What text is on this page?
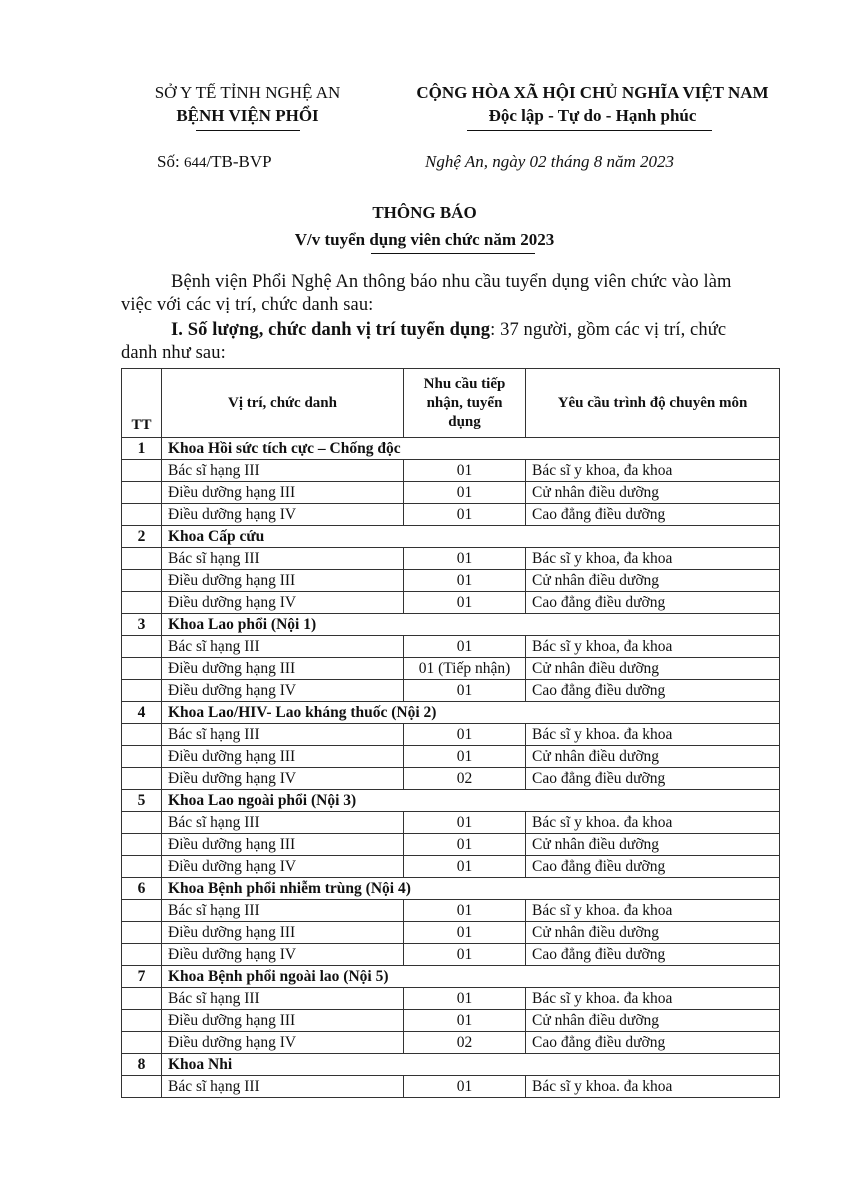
SỞ Y TẾ TỈNH NGHỆ AN
BỆNH VIỆN PHỔI
CỘNG HÒA XÃ HỘI CHỦ NGHĨA VIỆT NAM
Độc lập - Tự do - Hạnh phúc
Số: 644/TB-BVP	Nghệ An, ngày 02 tháng 8 năm 2023
THÔNG BÁO
V/v tuyển dụng viên chức năm 2023
Bệnh viện Phổi Nghệ An thông báo nhu cầu tuyển dụng viên chức vào làm
việc với các vị trí, chức danh sau:
I. Số lượng, chức danh vị trí tuyển dụng: 37 người, gồm các vị trí, chức
danh như sau:
TT	Vị trí, chức danh	Nhu cầu tiếp nhận, tuyển dụng	Yêu cầu trình độ chuyên môn
1	Khoa Hồi sức tích cực – Chống độc		
	Bác sĩ hạng III	01	Bác sĩ y khoa, đa khoa
	Điều dưỡng hạng III	01	Cử nhân điều dưỡng
	Điều dưỡng hạng IV	01	Cao đẳng điều dưỡng
2	Khoa Cấp cứu		
	Bác sĩ hạng III	01	Bác sĩ y khoa, đa khoa
	Điều dưỡng hạng III	01	Cử nhân điều dưỡng
	Điều dưỡng hạng IV	01	Cao đẳng điều dưỡng
3	Khoa Lao phổi (Nội 1)		
	Bác sĩ hạng III	01	Bác sĩ y khoa, đa khoa
	Điều dưỡng hạng III	01 (Tiếp nhận)	Cử nhân điều dưỡng
	Điều dưỡng hạng IV	01	Cao đẳng điều dưỡng
4	Khoa Lao/HIV- Lao kháng thuốc (Nội 2)		
	Bác sĩ hạng III	01	Bác sĩ y khoa. đa khoa
	Điều dưỡng hạng III	01	Cử nhân điều dưỡng
	Điều dưỡng hạng IV	02	Cao đẳng điều dưỡng
5	Khoa Lao ngoài phổi (Nội 3)		
	Bác sĩ hạng III	01	Bác sĩ y khoa. đa khoa
	Điều dưỡng hạng III	01	Cử nhân điều dưỡng
	Điều dưỡng hạng IV	01	Cao đẳng điều dưỡng
6	Khoa Bệnh phổi nhiễm trùng (Nội 4)		
	Bác sĩ hạng III	01	Bác sĩ y khoa. đa khoa
	Điều dưỡng hạng III	01	Cử nhân điều dưỡng
	Điều dưỡng hạng IV	01	Cao đẳng điều dưỡng
7	Khoa Bệnh phổi ngoài lao (Nội 5)		
	Bác sĩ hạng III	01	Bác sĩ y khoa. đa khoa
	Điều dưỡng hạng III	01	Cử nhân điều dưỡng
	Điều dưỡng hạng IV	02	Cao đẳng điều dưỡng
8	Khoa Nhi		
	Bác sĩ hạng III	01	Bác sĩ y khoa. đa khoa
